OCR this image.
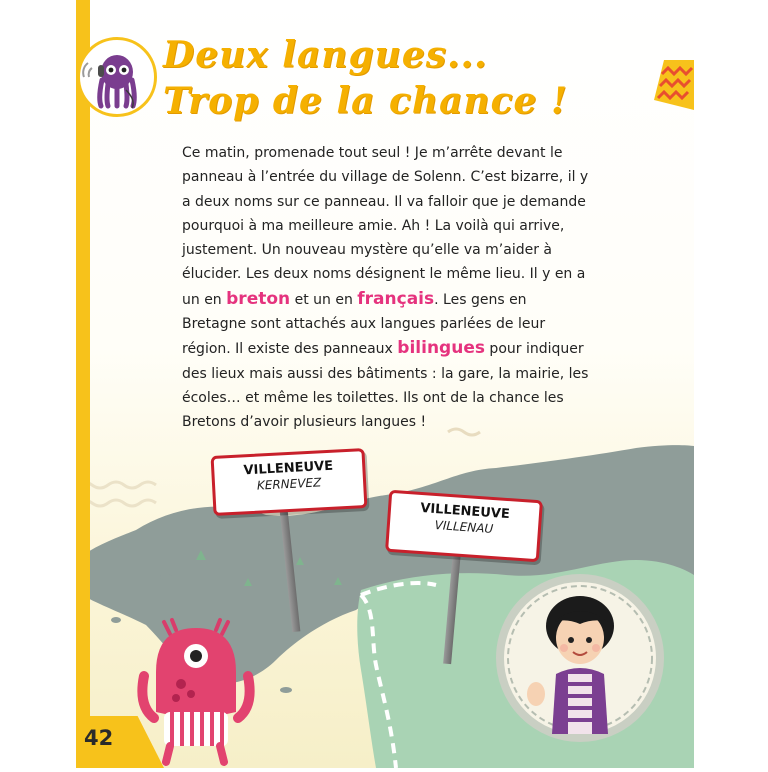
Deux langues...
Trop de la chance !
Ce matin, promenade tout seul ! Je m’arrête devant le panneau à l’entrée du village de Solenn. C’est bizarre, il y a deux noms sur ce panneau. Il va falloir que je demande pourquoi à ma meilleure amie. Ah ! La voilà qui arrive, justement. Un nouveau mystère qu’elle va m’aider à élucider. Les deux noms désignent le même lieu. Il y en a un en breton et un en français. Les gens en Bretagne sont attachés aux langues parlées de leur région. Il existe des panneaux bilingues pour indiquer des lieux mais aussi des bâtiments : la gare, la mairie, les écoles… et même les toilettes. Ils ont de la chance les Bretons d’avoir plusieurs langues !
VILLENEUVE
KERNEVEZ
VILLENEUVE
VILLENAU
42
